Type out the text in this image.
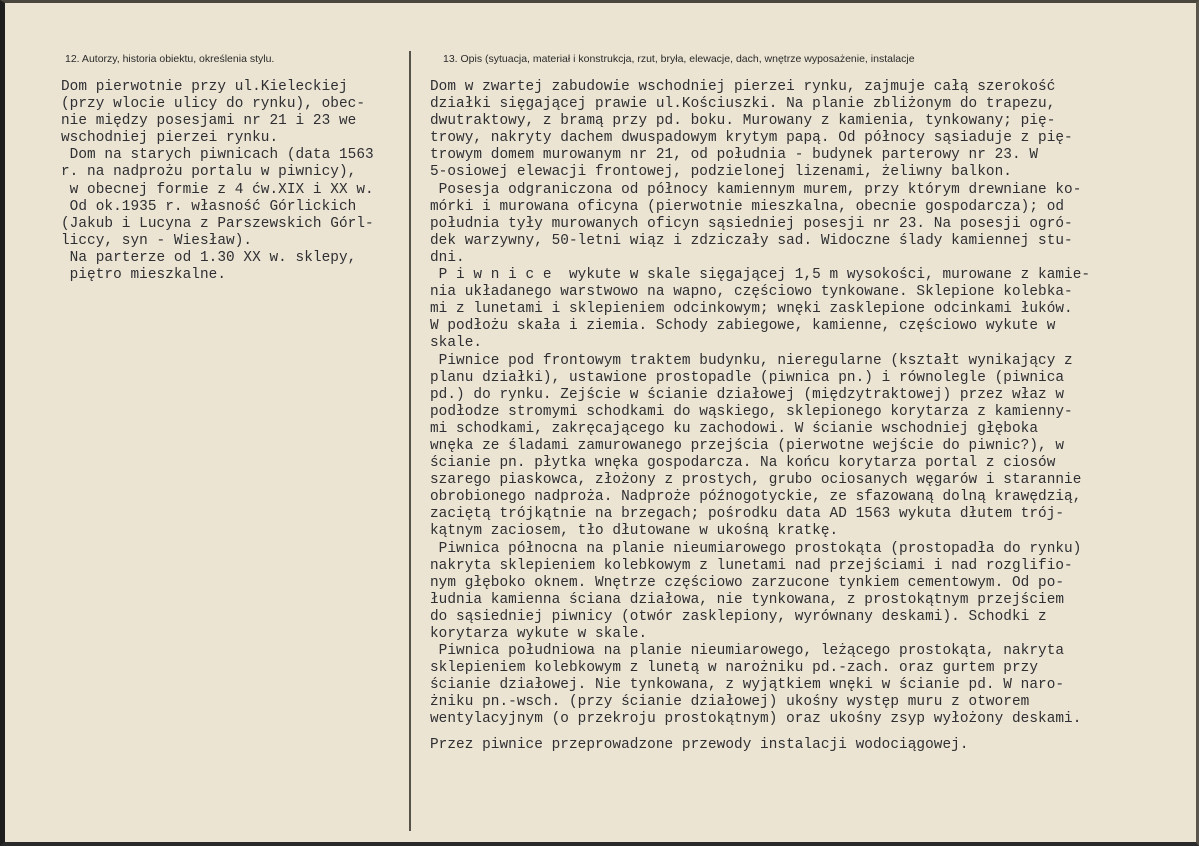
12. Autorzy, historia obiektu, określenia stylu.	13. Opis (sytuacja, materiał i konstrukcja, rzut, bryła, elewacje, dach, wnętrze wyposażenie, instalacje
Dom pierwotnie przy ul.Kieleckiej
(przy wlocie ulicy do rynku), obec-
nie między posesjami nr 21 i 23 we
wschodniej pierzei rynku.
Dom na starych piwnicach (data 1563
r. na nadprożu portalu w piwnicy),
w obecnej formie z 4 ćw.XIX i XX w.
Od ok.1935 r. własność Górlickich
(Jakub i Lucyna z Parszewskich Górl-
liccy, syn - Wiesław).
Na parterze od 1.30 XX w. sklepy,
piętro mieszkalne.
Dom w zwartej zabudowie wschodniej pierzei rynku, zajmuje całą szerokość
działki sięgającej prawie ul.Kościuszki. Na planie zbliżonym do trapezu,
dwutraktowy, z bramą przy pd. boku. Murowany z kamienia, tynkowany; pię-
trowy, nakryty dachem dwuspadowym krytym papą. Od północy sąsiaduje z pię-
trowym domem murowanym nr 21, od południa - budynek parterowy nr 23. W
5-osiowej elewacji frontowej, podzielonej lizenami, żeliwny balkon.
Posesja odgraniczona od północy kamiennym murem, przy którym drewniane ko-
mórki i murowana oficyna (pierwotnie mieszkalna, obecnie gospodarcza); od
południa tyły murowanych oficyn sąsiedniej posesji nr 23. Na posesji ogró-
dek warzywny, 50-letni wiąz i zdziczały sad. Widoczne ślady kamiennej stu-
dni.
P i w n i c e  wykute w skale sięgającej 1,5 m wysokości, murowane z kamie-
nia układanego warstwowo na wapno, częściowo tynkowane. Sklepione kolebka-
mi z lunetami i sklepieniem odcinkowym; wnęki zasklepione odcinkami łuków.
W podłożu skała i ziemia. Schody zabiegowe, kamienne, częściowo wykute w
skale.
Piwnice pod frontowym traktem budynku, nieregularne (kształt wynikający z
planu działki), ustawione prostopadle (piwnica pn.) i równolegle (piwnica
pd.) do rynku. Zejście w ścianie działowej (międzytraktowej) przez właz w
podłodze stromymi schodkami do wąskiego, sklepionego korytarza z kamienny-
mi schodkami, zakręcającego ku zachodowi. W ścianie wschodniej głęboka
wnęka ze śladami zamurowanego przejścia (pierwotne wejście do piwnic?), w
ścianie pn. płytka wnęka gospodarcza. Na końcu korytarza portal z ciosów
szarego piaskowca, złożony z prostych, grubo ociosanych węgarów i starannie
obrobionego nadproża. Nadproże późnogotyckie, ze sfazowaną dolną krawędzią,
zaciętą trójkątnie na brzegach; pośrodku data AD 1563 wykuta dłutem trój-
kątnym zaciosem, tło dłutowane w ukośną kratkę.
Piwnica północna na planie nieumiarowego prostokąta (prostopadła do rynku)
nakryta sklepieniem kolebkowym z lunetami nad przejściami i nad rozglifio-
nym głęboko oknem. Wnętrze częściowo zarzucone tynkiem cementowym. Od po-
łudnia kamienna ściana działowa, nie tynkowana, z prostokątnym przejściem
do sąsiedniej piwnicy (otwór zasklepiony, wyrównany deskami). Schodki z
korytarza wykute w skale.
Piwnica południowa na planie nieumiarowego, leżącego prostokąta, nakryta
sklepieniem kolebkowym z lunetą w narożniku pd.-zach. oraz gurtem przy
ścianie działowej. Nie tynkowana, z wyjątkiem wnęki w ścianie pd. W naro-
żniku pn.-wsch. (przy ścianie działowej) ukośny występ muru z otworem
wentylacyjnym (o przekroju prostokątnym) oraz ukośny zsyp wyłożony deskami.
Przez piwnice przeprowadzone przewody instalacji wodociągowej.
